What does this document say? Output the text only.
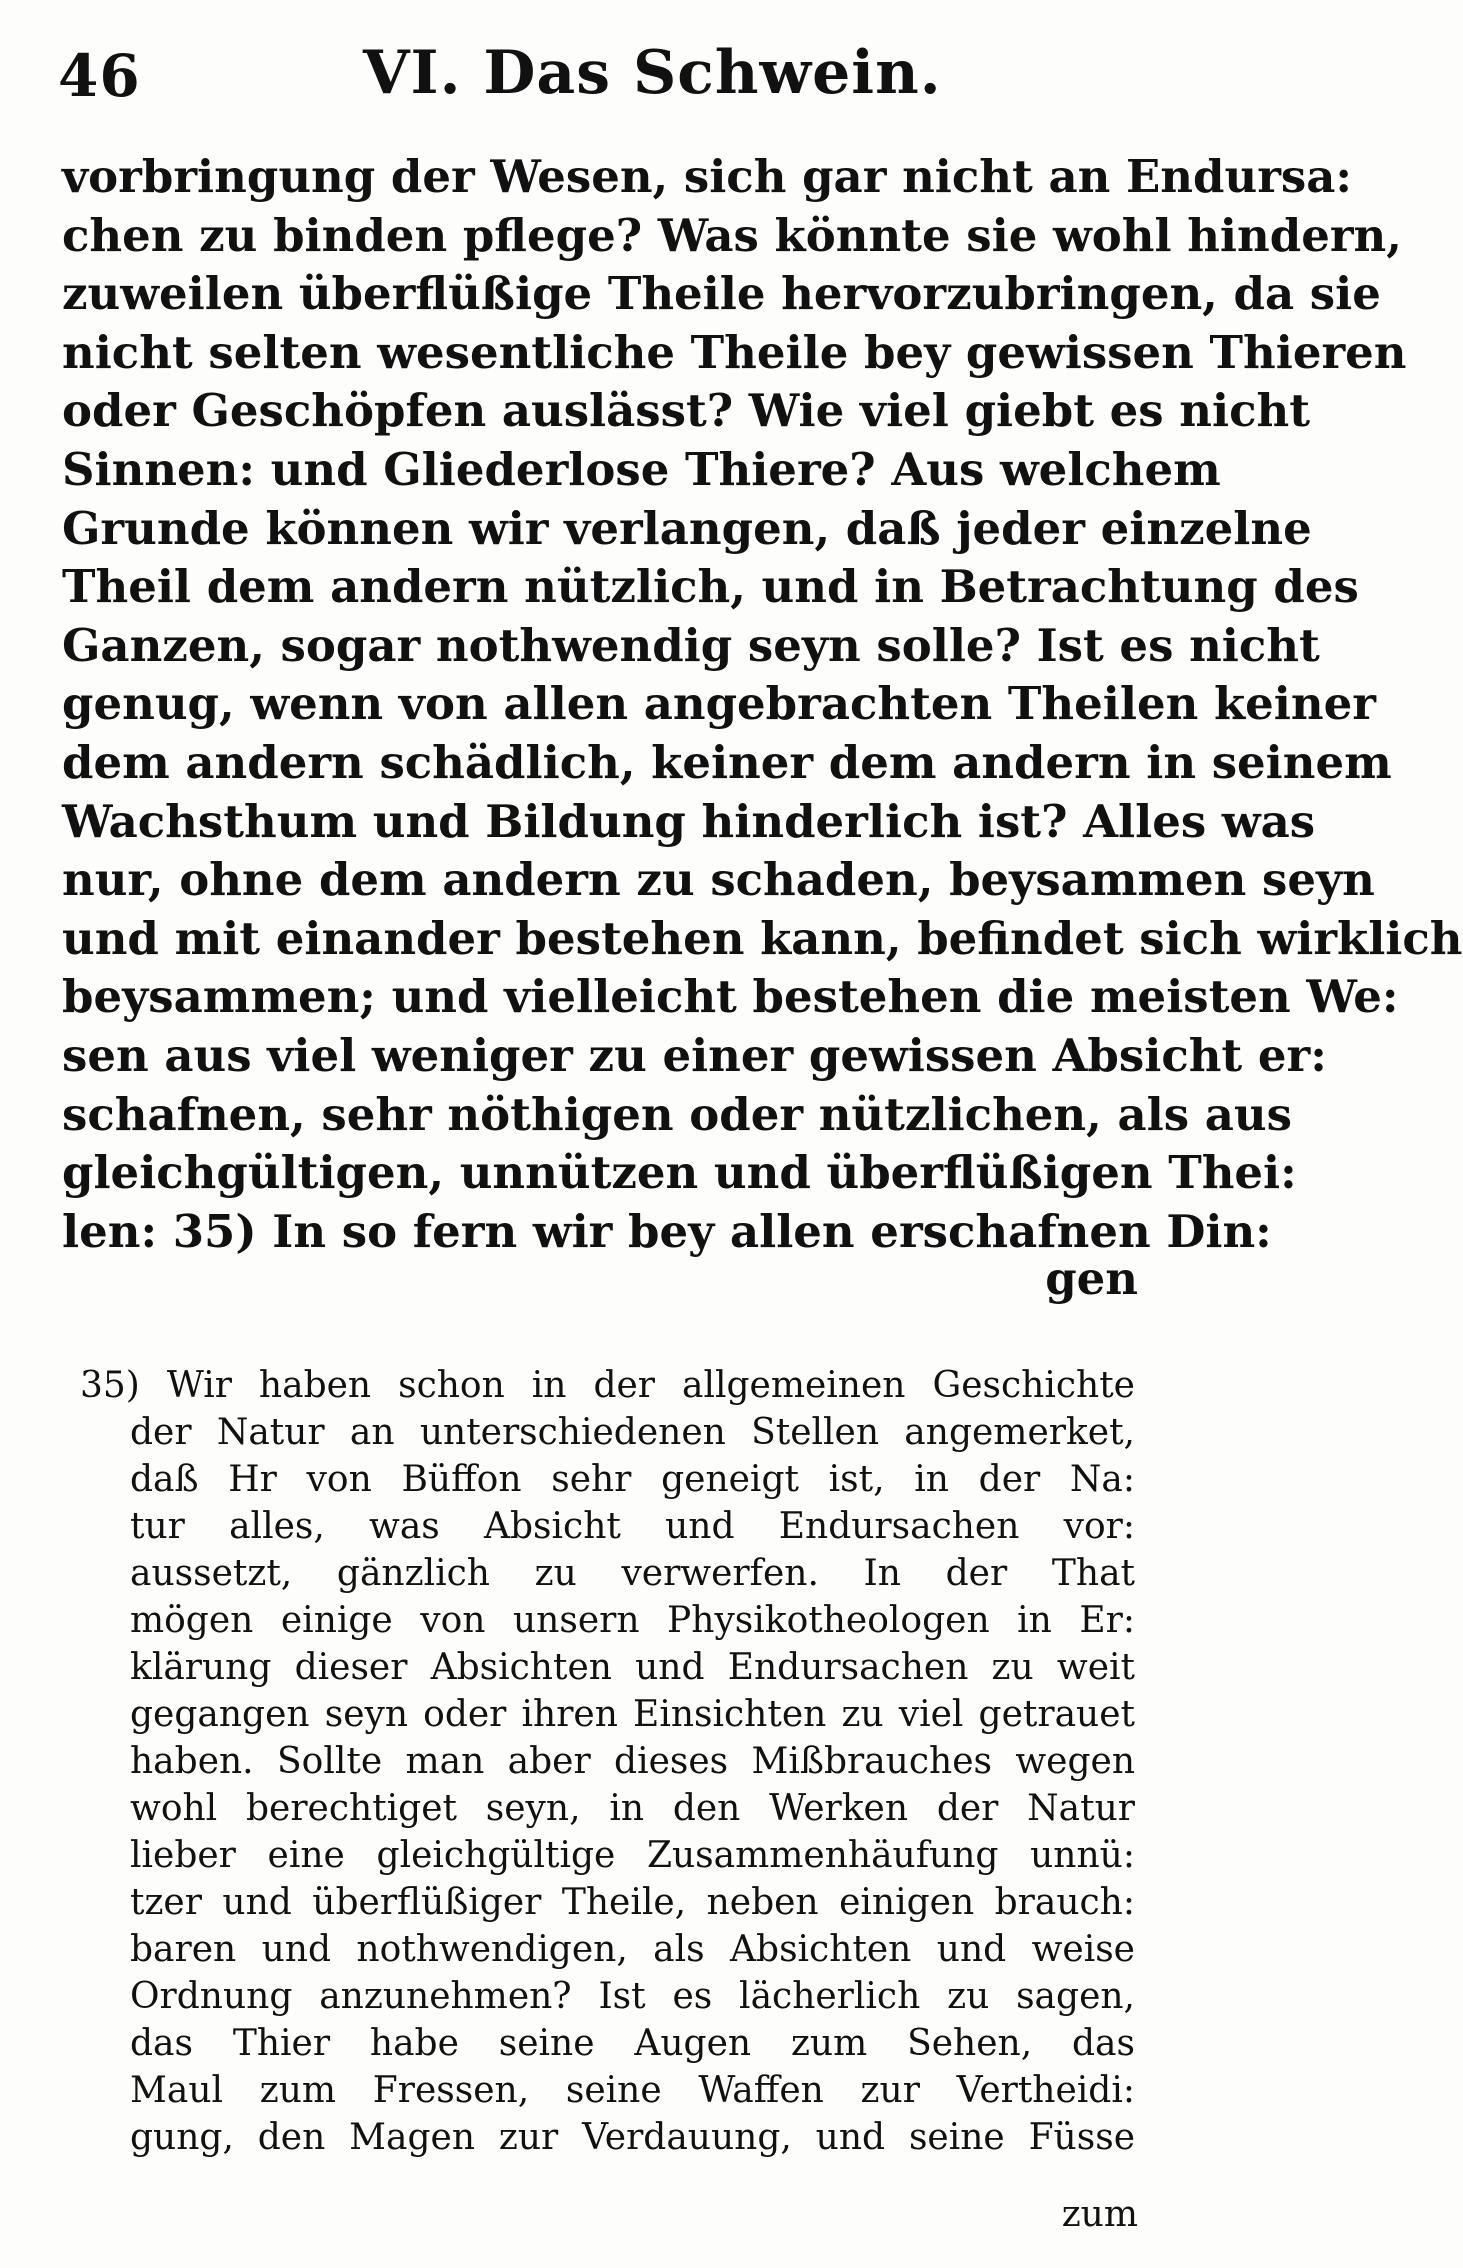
46	VI. Das Schwein.
vorbringung der Wesen, sich gar nicht an Endursa:
chen zu binden pflege? Was könnte sie wohl hindern,
zuweilen überflüßige Theile hervorzubringen, da sie
nicht selten wesentliche Theile bey gewissen Thieren
oder Geschöpfen auslässt? Wie viel giebt es nicht
Sinnen: und Gliederlose Thiere? Aus welchem
Grunde können wir verlangen, daß jeder einzelne
Theil dem andern nützlich, und in Betrachtung des
Ganzen, sogar nothwendig seyn solle? Ist es nicht
genug, wenn von allen angebrachten Theilen keiner
dem andern schädlich, keiner dem andern in seinem
Wachsthum und Bildung hinderlich ist? Alles was
nur, ohne dem andern zu schaden, beysammen seyn
und mit einander bestehen kann, befindet sich wirklich
beysammen; und vielleicht bestehen die meisten We:
sen aus viel weniger zu einer gewissen Absicht er:
schafnen, sehr nöthigen oder nützlichen, als aus
gleichgültigen, unnützen und überflüßigen Thei:
len: 35) In so fern wir bey allen erschafnen Din:
gen
35) Wir haben schon in der allgemeinen Geschichte
der Natur an unterschiedenen Stellen angemerket,
daß Hr von Büffon sehr geneigt ist, in der Na:
tur alles, was Absicht und Endursachen vor:
aussetzt, gänzlich zu verwerfen. In der That
mögen einige von unsern Physikotheologen in Er:
klärung dieser Absichten und Endursachen zu weit
gegangen seyn oder ihren Einsichten zu viel getrauet
haben. Sollte man aber dieses Mißbrauches wegen
wohl berechtiget seyn, in den Werken der Natur
lieber eine gleichgültige Zusammenhäufung unnü:
tzer und überflüßiger Theile, neben einigen brauch:
baren und nothwendigen, als Absichten und weise
Ordnung anzunehmen? Ist es lächerlich zu sagen,
das Thier habe seine Augen zum Sehen, das
Maul zum Fressen, seine Waffen zur Vertheidi:
gung, den Magen zur Verdauung, und seine Füsse
zum
